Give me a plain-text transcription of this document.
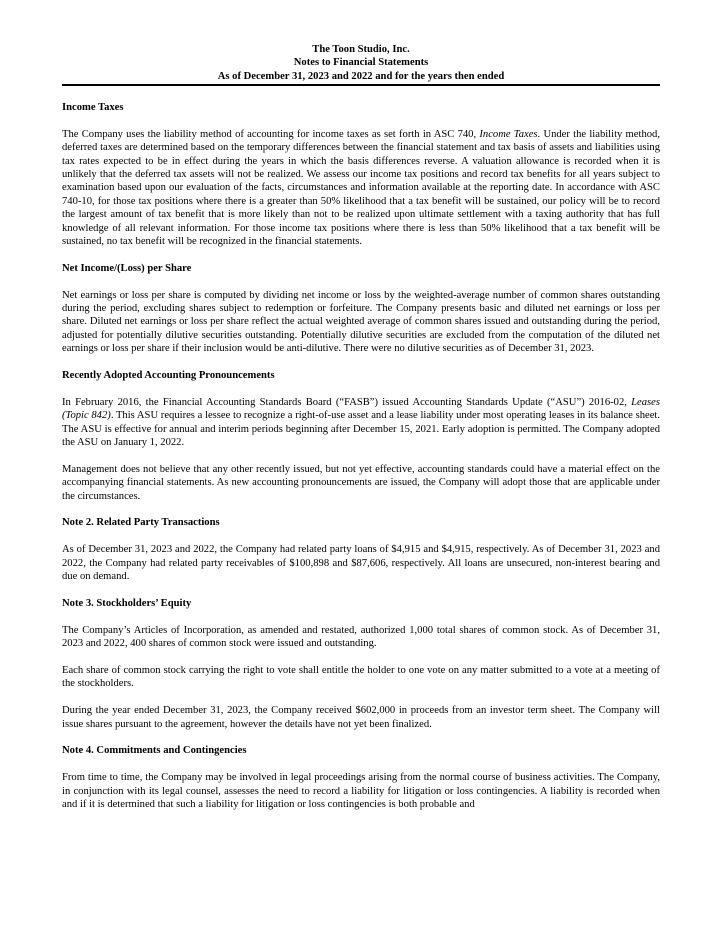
The Toon Studio, Inc.
Notes to Financial Statements
As of December 31, 2023 and 2022 and for the years then ended
Income Taxes

The Company uses the liability method of accounting for income taxes as set forth in ASC 740, Income Taxes. Under the liability method, deferred taxes are determined based on the temporary differences between the financial statement and tax basis of assets and liabilities using tax rates expected to be in effect during the years in which the basis differences reverse. A valuation allowance is recorded when it is unlikely that the deferred tax assets will not be realized. We assess our income tax positions and record tax benefits for all years subject to examination based upon our evaluation of the facts, circumstances and information available at the reporting date. In accordance with ASC 740-10, for those tax positions where there is a greater than 50% likelihood that a tax benefit will be sustained, our policy will be to record the largest amount of tax benefit that is more likely than not to be realized upon ultimate settlement with a taxing authority that has full knowledge of all relevant information. For those income tax positions where there is less than 50% likelihood that a tax benefit will be sustained, no tax benefit will be recognized in the financial statements.

Net Income/(Loss) per Share

Net earnings or loss per share is computed by dividing net income or loss by the weighted-average number of common shares outstanding during the period, excluding shares subject to redemption or forfeiture. The Company presents basic and diluted net earnings or loss per share. Diluted net earnings or loss per share reflect the actual weighted average of common shares issued and outstanding during the period, adjusted for potentially dilutive securities outstanding. Potentially dilutive securities are excluded from the computation of the diluted net earnings or loss per share if their inclusion would be anti-dilutive. There were no dilutive securities as of December 31, 2023.

Recently Adopted Accounting Pronouncements

In February 2016, the Financial Accounting Standards Board (“FASB”) issued Accounting Standards Update (“ASU”) 2016-02, Leases (Topic 842). This ASU requires a lessee to recognize a right-of-use asset and a lease liability under most operating leases in its balance sheet. The ASU is effective for annual and interim periods beginning after December 15, 2021. Early adoption is permitted. The Company adopted the ASU on January 1, 2022.

Management does not believe that any other recently issued, but not yet effective, accounting standards could have a material effect on the accompanying financial statements. As new accounting pronouncements are issued, the Company will adopt those that are applicable under the circumstances.

Note 2. Related Party Transactions

As of December 31, 2023 and 2022, the Company had related party loans of $4,915 and $4,915, respectively. As of December 31, 2023 and 2022, the Company had related party receivables of $100,898 and $87,606, respectively. All loans are unsecured, non-interest bearing and due on demand.

Note 3. Stockholders’ Equity

The Company’s Articles of Incorporation, as amended and restated, authorized 1,000 total shares of common stock. As of December 31, 2023 and 2022, 400 shares of common stock were issued and outstanding.

Each share of common stock carrying the right to vote shall entitle the holder to one vote on any matter submitted to a vote at a meeting of the stockholders.

During the year ended December 31, 2023, the Company received $602,000 in proceeds from an investor term sheet. The Company will issue shares pursuant to the agreement, however the details have not yet been finalized.

Note 4. Commitments and Contingencies

From time to time, the Company may be involved in legal proceedings arising from the normal course of business activities. The Company, in conjunction with its legal counsel, assesses the need to record a liability for litigation or loss contingencies. A liability is recorded when and if it is determined that such a liability for litigation or loss contingencies is both probable and
